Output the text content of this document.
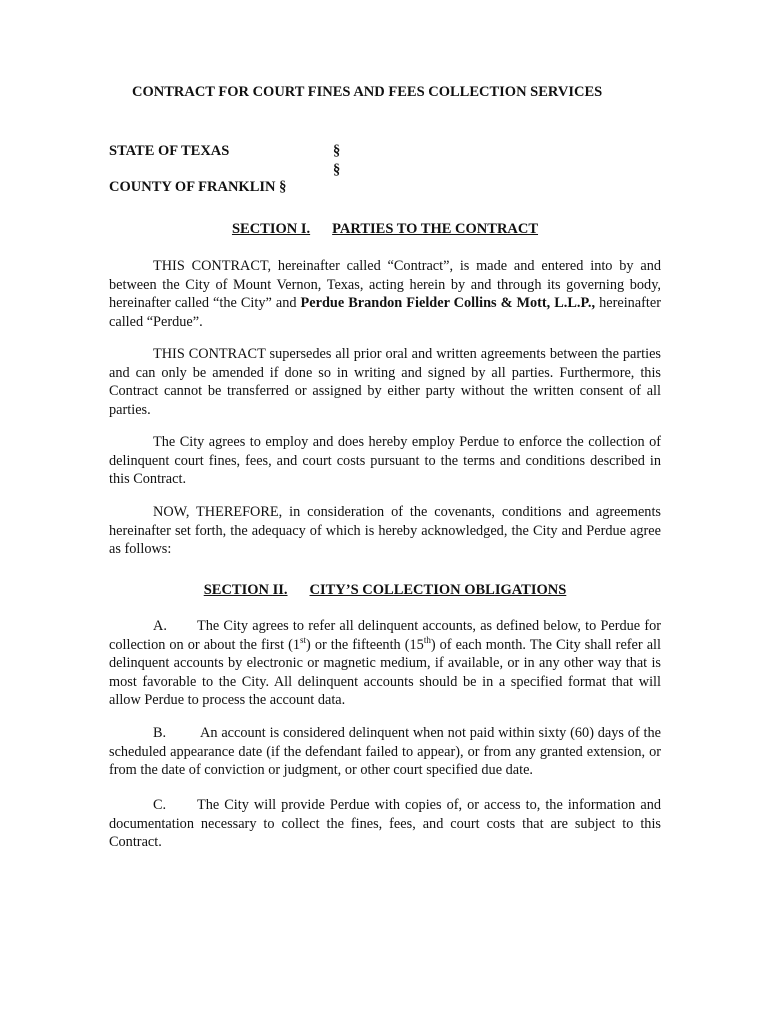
CONTRACT FOR COURT FINES AND FEES COLLECTION SERVICES
STATE OF TEXAS	§
§
COUNTY OF FRANKLIN §
SECTION I. PARTIES TO THE CONTRACT

THIS CONTRACT, hereinafter called “Contract”, is made and entered into by and between the City of Mount Vernon, Texas, acting herein by and through its governing body, hereinafter called “the City” and Perdue Brandon Fielder Collins & Mott, L.L.P., hereinafter called “Perdue”.

THIS CONTRACT supersedes all prior oral and written agreements between the parties and can only be amended if done so in writing and signed by all parties. Furthermore, this Contract cannot be transferred or assigned by either party without the written consent of all parties.

The City agrees to employ and does hereby employ Perdue to enforce the collection of delinquent court fines, fees, and court costs pursuant to the terms and conditions described in this Contract.

NOW, THEREFORE, in consideration of the covenants, conditions and agreements hereinafter set forth, the adequacy of which is hereby acknowledged, the City and Perdue agree as follows:

SECTION II. CITY’S COLLECTION OBLIGATIONS

A. The City agrees to refer all delinquent accounts, as defined below, to Perdue for collection on or about the first (1st) or the fifteenth (15th) of each month. The City shall refer all delinquent accounts by electronic or magnetic medium, if available, or in any other way that is most favorable to the City. All delinquent accounts should be in a specified format that will allow Perdue to process the account data.

B. An account is considered delinquent when not paid within sixty (60) days of the scheduled appearance date (if the defendant failed to appear), or from any granted extension, or from the date of conviction or judgment, or other court specified due date.

C. The City will provide Perdue with copies of, or access to, the information and documentation necessary to collect the fines, fees, and court costs that are subject to this Contract.
